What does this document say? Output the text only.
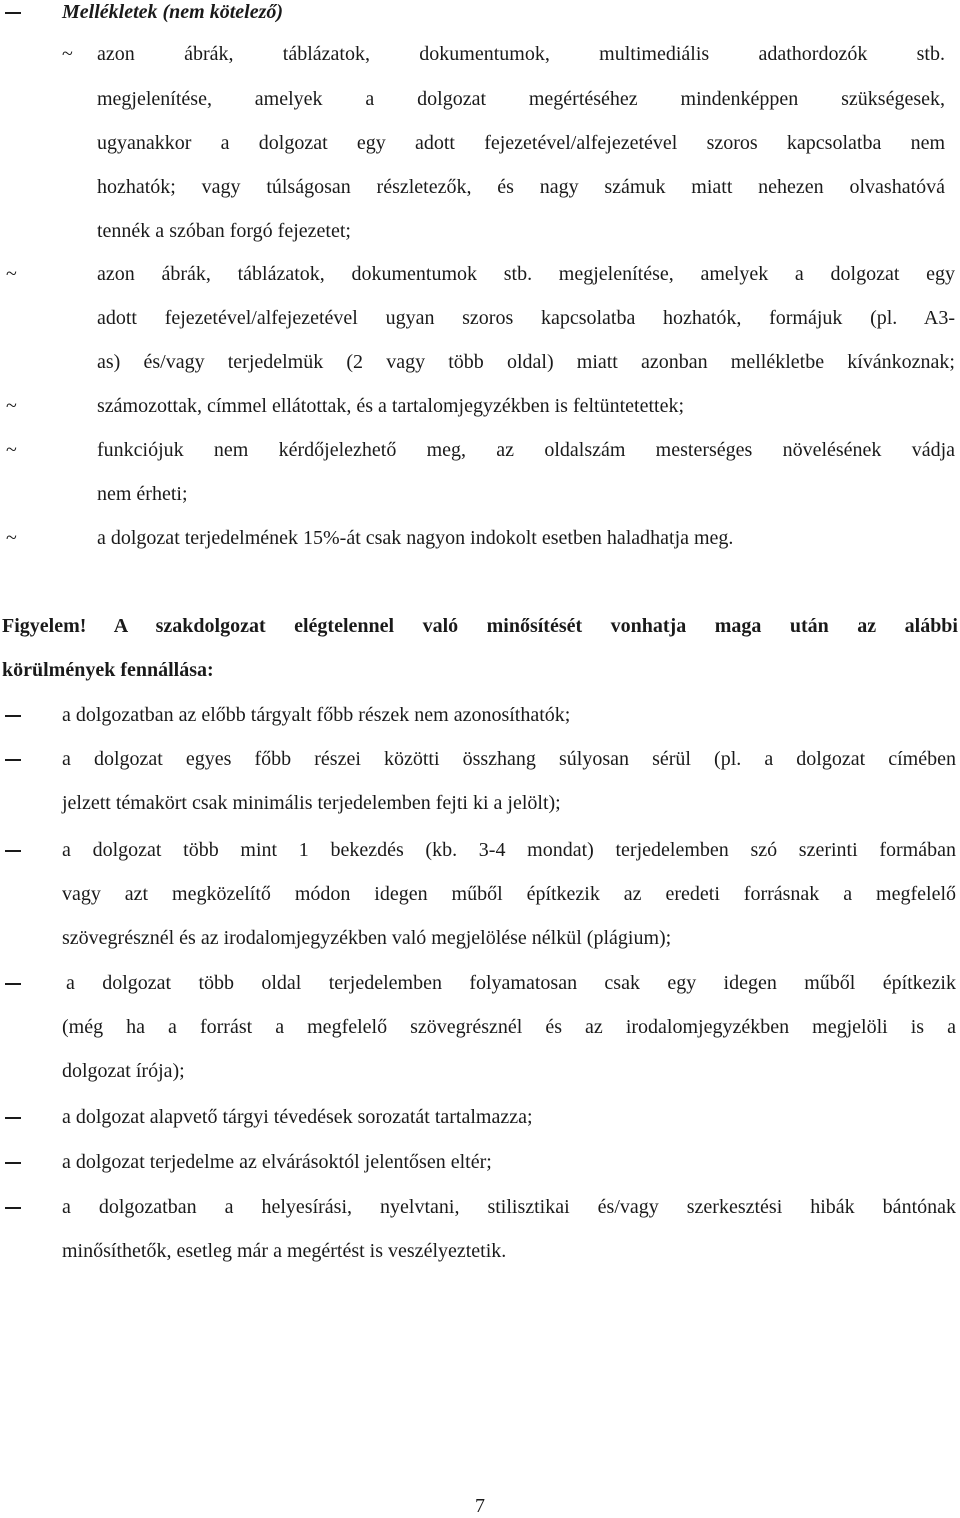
Mellékletek (nem kötelező)
~ azon ábrák, táblázatok, dokumentumok, multimediális adathordozók stb.
megjelenítése, amelyek a dolgozat megértéséhez mindenképpen szükségesek,
ugyanakkor a dolgozat egy adott fejezetével/alfejezetével szoros kapcsolatba nem
hozhatók; vagy túlságosan részletezők, és nagy számuk miatt nehezen olvashatóvá
tennék a szóban forgó fejezetet;
~	azon ábrák, táblázatok, dokumentumok stb. megjelenítése, amelyek a dolgozat egy
adott fejezetével/alfejezetével ugyan szoros kapcsolatba hozhatók, formájuk (pl. A3-
as) és/vagy terjedelmük (2 vagy több oldal) miatt azonban mellékletbe kívánkoznak;
~	számozottak, címmel ellátottak, és a tartalomjegyzékben is feltüntetettek;
~	funkciójuk nem kérdőjelezhető meg, az oldalszám mesterséges növelésének vádja
nem érheti;
~	a dolgozat terjedelmének 15%-át csak nagyon indokolt esetben haladhatja meg.
Figyelem! A szakdolgozat elégtelennel való minősítését vonhatja maga után az alábbi
körülmények fennállása:
a dolgozatban az előbb tárgyalt főbb részek nem azonosíthatók;
a dolgozat egyes főbb részei közötti összhang súlyosan sérül (pl. a dolgozat címében
jelzett témakört csak minimális terjedelemben fejti ki a jelölt);
a dolgozat több mint 1 bekezdés (kb. 3-4 mondat) terjedelemben szó szerinti formában
vagy azt megközelítő módon idegen műből építkezik az eredeti forrásnak a megfelelő
szövegrésznél és az irodalomjegyzékben való megjelölése nélkül (plágium);
a dolgozat több oldal terjedelemben folyamatosan csak egy idegen műből építkezik
(még ha a forrást a megfelelő szövegrésznél és az irodalomjegyzékben megjelöli is a
dolgozat írója);
a dolgozat alapvető tárgyi tévedések sorozatát tartalmazza;
a dolgozat terjedelme az elvárásoktól jelentősen eltér;
a dolgozatban a helyesírási, nyelvtani, stilisztikai és/vagy szerkesztési hibák bántónak
minősíthetők, esetleg már a megértést is veszélyeztetik.
7
